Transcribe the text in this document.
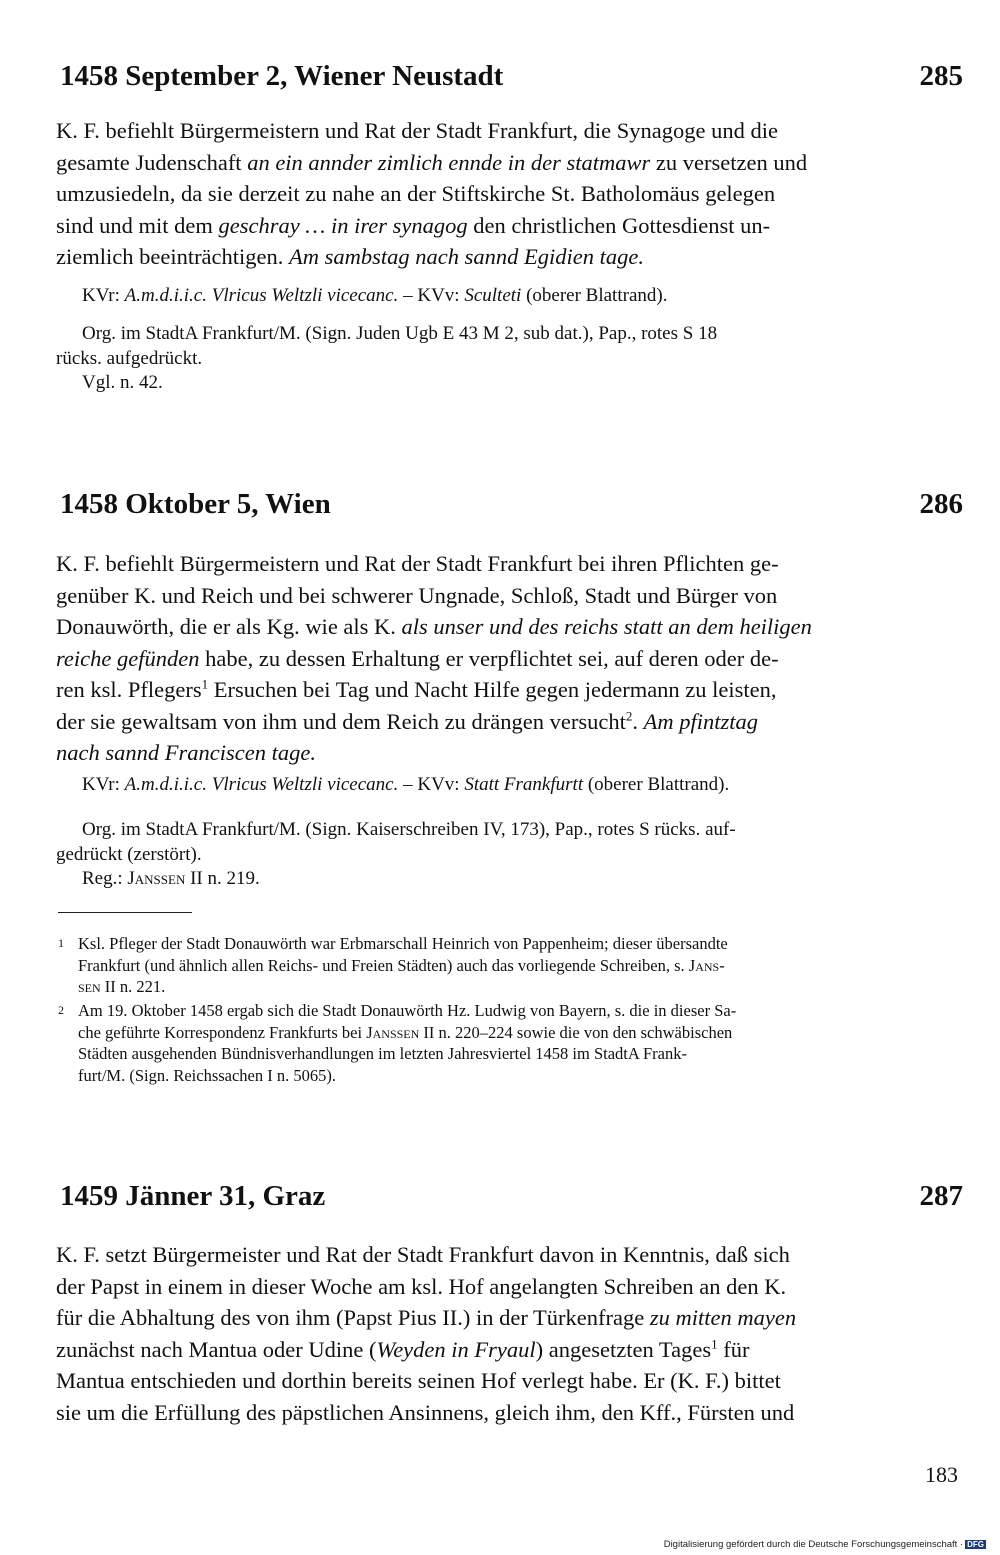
1458 September 2, Wiener Neustadt	285
K. F. befiehlt Bürgermeistern und Rat der Stadt Frankfurt, die Synagoge und die
gesamte Judenschaft an ein annder zimlich ennde in der statmawr zu versetzen und
umzusiedeln, da sie derzeit zu nahe an der Stiftskirche St. Batholomäus gelegen
sind und mit dem geschray … in irer synagog den christlichen Gottesdienst un-
ziemlich beeinträchtigen. Am sambstag nach sannd Egidien tage.
KVr: A.m.d.i.i.c. Vlricus Weltzli vicecanc. – KVv: Sculteti (oberer Blattrand).
Org. im StadtA Frankfurt/M. (Sign. Juden Ugb E 43 M 2, sub dat.), Pap., rotes S 18
rücks. aufgedrückt.
Vgl. n. 42.
1458 Oktober 5, Wien	286
K. F. befiehlt Bürgermeistern und Rat der Stadt Frankfurt bei ihren Pflichten ge-
genüber K. und Reich und bei schwerer Ungnade, Schloß, Stadt und Bürger von
Donauwörth, die er als Kg. wie als K. als unser und des reichs statt an dem heiligen
reiche gefünden habe, zu dessen Erhaltung er verpflichtet sei, auf deren oder de-
ren ksl. Pflegers$^1$ Ersuchen bei Tag und Nacht Hilfe gegen jedermann zu leisten,
der sie gewaltsam von ihm und dem Reich zu drängen versucht$^2$. Am pfintztag
nach sannd Franciscen tage.
KVr: A.m.d.i.i.c. Vlricus Weltzli vicecanc. – KVv: Statt Frankfurtt (oberer Blattrand).
Org. im StadtA Frankfurt/M. (Sign. Kaiserschreiben IV, 173), Pap., rotes S rücks. auf-
gedrückt (zerstört).
Reg.: Janssen II n. 219.
1 Ksl. Pfleger der Stadt Donauwörth war Erbmarschall Heinrich von Pappenheim; dieser übersandte
Frankfurt (und ähnlich allen Reichs- und Freien Städten) auch das vorliegende Schreiben, s. Jans-
sen II n. 221.
2 Am 19. Oktober 1458 ergab sich die Stadt Donauwörth Hz. Ludwig von Bayern, s. die in dieser Sa-
che geführte Korrespondenz Frankfurts bei Janssen II n. 220–224 sowie die von den schwäbischen
Städten ausgehenden Bündnisverhandlungen im letzten Jahresviertel 1458 im StadtA Frank-
furt/M. (Sign. Reichssachen I n. 5065).
1459 Jänner 31, Graz	287
K. F. setzt Bürgermeister und Rat der Stadt Frankfurt davon in Kenntnis, daß sich
der Papst in einem in dieser Woche am ksl. Hof angelangten Schreiben an den K.
für die Abhaltung des von ihm (Papst Pius II.) in der Türkenfrage zu mitten mayen
zunächst nach Mantua oder Udine (Weyden in Fryaul) angesetzten Tages$^1$ für
Mantua entschieden und dorthin bereits seinen Hof verlegt habe. Er (K. F.) bittet
sie um die Erfüllung des päpstlichen Ansinnens, gleich ihm, den Kff., Fürsten und
183
Digitalisierung gefördert durch die Deutsche Forschungsgemeinschaft · DFG
